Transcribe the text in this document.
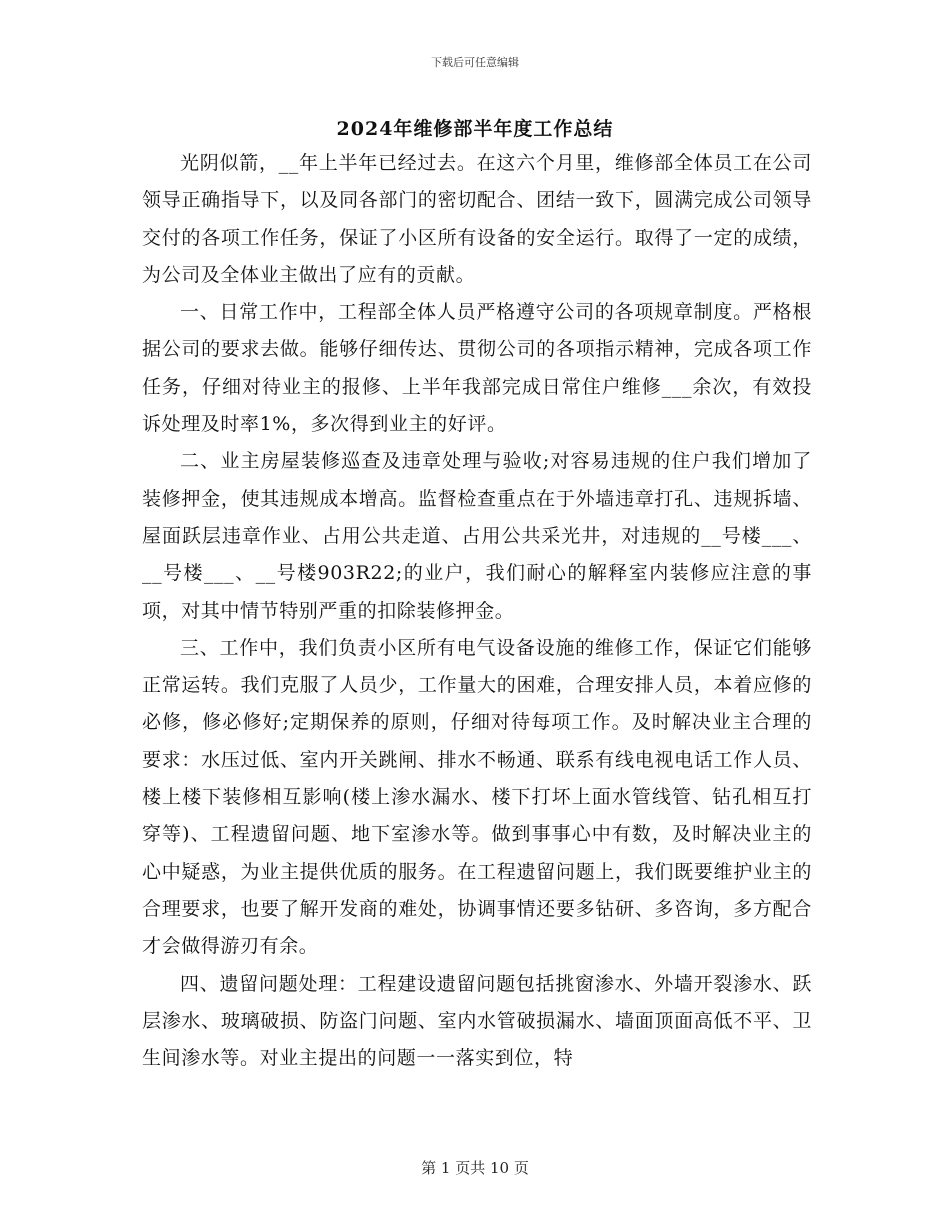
下载后可任意编辑
2024年维修部半年度工作总结

光阴似箭，__年上半年已经过去。在这六个月里，维修部全体员工在公司领导正确指导下，以及同各部门的密切配合、团结一致下，圆满完成公司领导交付的各项工作任务，保证了小区所有设备的安全运行。取得了一定的成绩，为公司及全体业主做出了应有的贡献。

一、日常工作中，工程部全体人员严格遵守公司的各项规章制度。严格根据公司的要求去做。能够仔细传达、贯彻公司的各项指示精神，完成各项工作任务，仔细对待业主的报修、上半年我部完成日常住户维修___余次，有效投诉处理及时率1%，多次得到业主的好评。

二、业主房屋装修巡查及违章处理与验收;对容易违规的住户我们增加了装修押金，使其违规成本增高。监督检查重点在于外墙违章打孔、违规拆墙、屋面跃层违章作业、占用公共走道、占用公共采光井，对违规的__号楼___、__号楼___、__号楼903R22;的业户，我们耐心的解释室内装修应注意的事项，对其中情节特别严重的扣除装修押金。

三、工作中，我们负责小区所有电气设备设施的维修工作，保证它们能够正常运转。我们克服了人员少，工作量大的困难，合理安排人员，本着应修的必修，修必修好;定期保养的原则，仔细对待每项工作。及时解决业主合理的要求：水压过低、室内开关跳闸、排水不畅通、联系有线电视电话工作人员、楼上楼下装修相互影响(楼上渗水漏水、楼下打坏上面水管线管、钻孔相互打穿等)、工程遗留问题、地下室渗水等。做到事事心中有数，及时解决业主的心中疑惑，为业主提供优质的服务。在工程遗留问题上，我们既要维护业主的合理要求，也要了解开发商的难处，协调事情还要多钻研、多咨询，多方配合才会做得游刃有余。

四、遗留问题处理：工程建设遗留问题包括挑窗渗水、外墙开裂渗水、跃层渗水、玻璃破损、防盗门问题、室内水管破损漏水、墙面顶面高低不平、卫生间渗水等。对业主提出的问题一一落实到位，特

第 1 页共 10 页
